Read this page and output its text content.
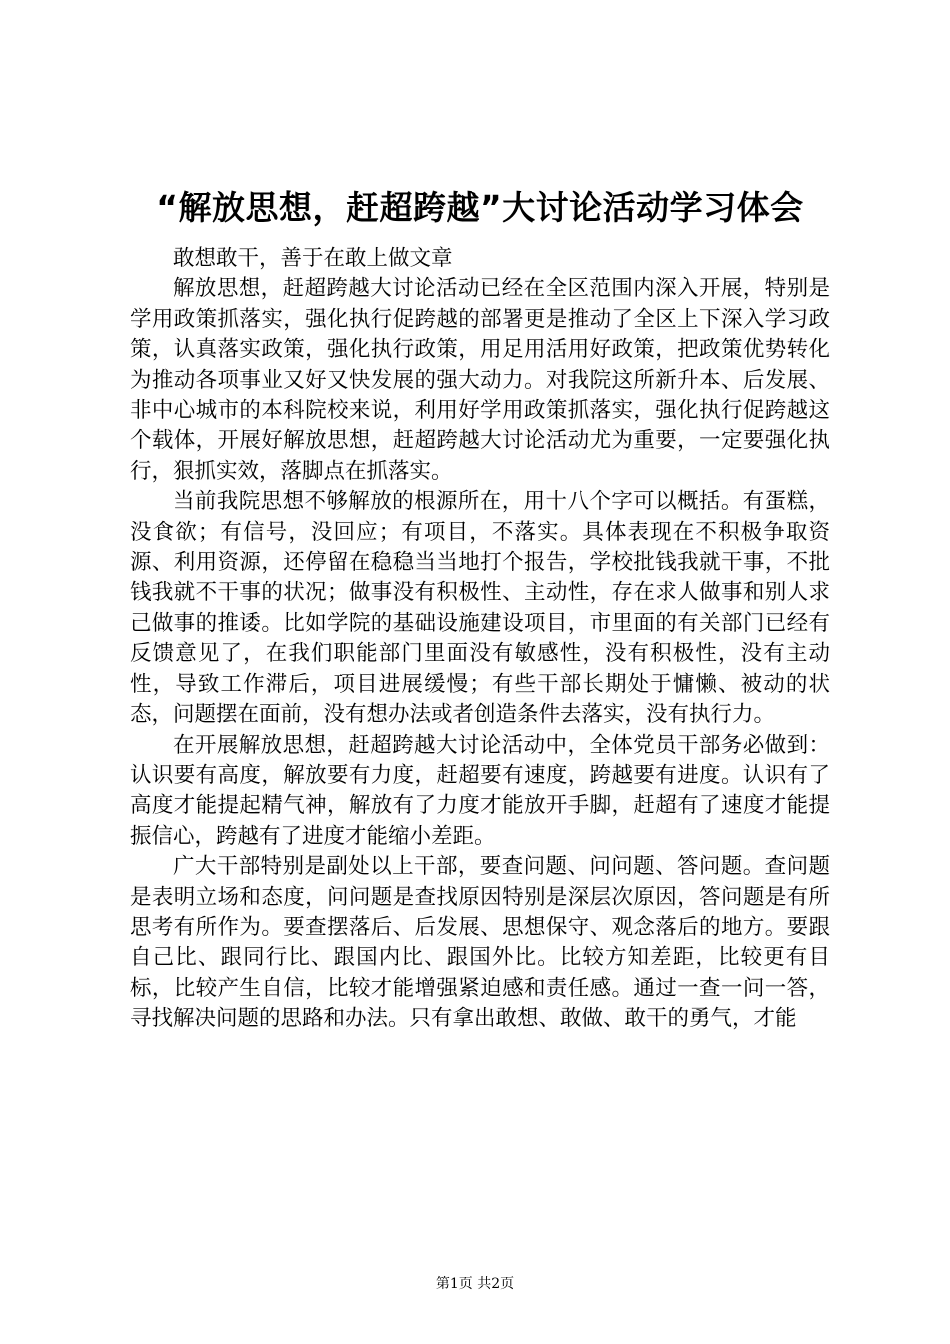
“解放思想，赶超跨越”大讨论活动学习体会
敢想敢干，善于在敢上做文章

解放思想，赶超跨越大讨论活动已经在全区范围内深入开展，特别是学用政策抓落实，强化执行促跨越的部署更是推动了全区上下深入学习政策，认真落实政策，强化执行政策，用足用活用好政策，把政策优势转化为推动各项事业又好又快发展的强大动力。对我院这所新升本、后发展、非中心城市的本科院校来说，利用好学用政策抓落实，强化执行促跨越这个载体，开展好解放思想，赶超跨越大讨论活动尤为重要，一定要强化执行，狠抓实效，落脚点在抓落实。

当前我院思想不够解放的根源所在，用十八个字可以概括。有蛋糕，没食欲；有信号，没回应；有项目，不落实。具体表现在不积极争取资源、利用资源，还停留在稳稳当当地打个报告，学校批钱我就干事，不批钱我就不干事的状况；做事没有积极性、主动性，存在求人做事和别人求己做事的推诿。比如学院的基础设施建设项目，市里面的有关部门已经有反馈意见了，在我们职能部门里面没有敏感性，没有积极性，没有主动性，导致工作滞后，项目进展缓慢；有些干部长期处于慵懒、被动的状态，问题摆在面前，没有想办法或者创造条件去落实，没有执行力。

在开展解放思想，赶超跨越大讨论活动中，全体党员干部务必做到：认识要有高度，解放要有力度，赶超要有速度，跨越要有进度。认识有了高度才能提起精气神，解放有了力度才能放开手脚，赶超有了速度才能提振信心，跨越有了进度才能缩小差距。

广大干部特别是副处以上干部，要查问题、问问题、答问题。查问题是表明立场和态度，问问题是查找原因特别是深层次原因，答问题是有所思考有所作为。要查摆落后、后发展、思想保守、观念落后的地方。要跟自己比、跟同行比、跟国内比、跟国外比。比较方知差距，比较更有目标，比较产生自信，比较才能增强紧迫感和责任感。通过一查一问一答，寻找解决问题的思路和办法。只有拿出敢想、敢做、敢干的勇气，才能

第1页 共2页
